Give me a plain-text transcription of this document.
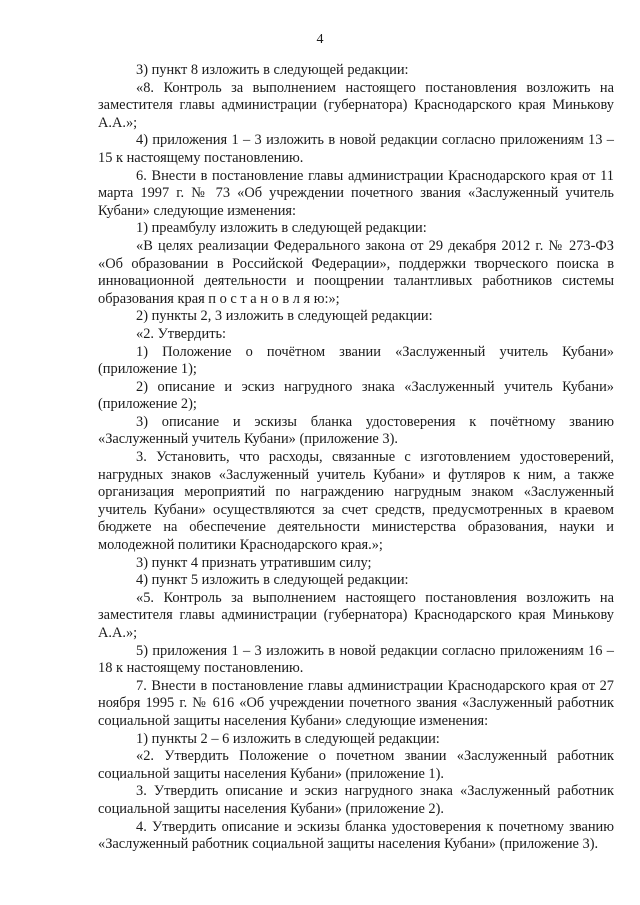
4

3) пункт 8 изложить в следующей редакции:

«8. Контроль за выполнением настоящего постановления возложить на заместителя главы администрации (губернатора) Краснодарского края Минькову А.А.»;

4) приложения 1 – 3 изложить в новой редакции согласно приложениям 13 – 15 к настоящему постановлению.

6. Внести в постановление главы администрации Краснодарского края от 11 марта 1997 г. № 73 «Об учреждении почетного звания «Заслуженный учитель Кубани» следующие изменения:

1) преамбулу изложить в следующей редакции:

«В целях реализации Федерального закона от 29 декабря 2012 г. № 273-ФЗ «Об образовании в Российской Федерации», поддержки творческого поиска в инновационной деятельности и поощрении талантливых работников системы образования края п о с т а н о в л я ю:»;

2) пункты 2, 3 изложить в следующей редакции:

«2. Утвердить:

1) Положение о почётном звании «Заслуженный учитель Кубани» (приложение 1);

2) описание и эскиз нагрудного знака «Заслуженный учитель Кубани» (приложение 2);

3) описание и эскизы бланка удостоверения к почётному званию «Заслуженный учитель Кубани» (приложение 3).

3. Установить, что расходы, связанные с изготовлением удостоверений, нагрудных знаков «Заслуженный учитель Кубани» и футляров к ним, а также организация мероприятий по награждению нагрудным знаком «Заслуженный учитель Кубани» осуществляются за счет средств, предусмотренных в краевом бюджете на обеспечение деятельности министерства образования, науки и молодежной политики Краснодарского края.»;

3) пункт 4 признать утратившим силу;

4) пункт 5 изложить в следующей редакции:

«5. Контроль за выполнением настоящего постановления возложить на заместителя главы администрации (губернатора) Краснодарского края Минькову А.А.»;

5) приложения 1 – 3 изложить в новой редакции согласно приложениям 16 – 18 к настоящему постановлению.

7. Внести в постановление главы администрации Краснодарского края от 27 ноября 1995 г. № 616 «Об учреждении почетного звания «Заслуженный работник социальной защиты населения Кубани» следующие изменения:

1) пункты 2 – 6 изложить в следующей редакции:

«2. Утвердить Положение о почетном звании «Заслуженный работник социальной защиты населения Кубани» (приложение 1).

3. Утвердить описание и эскиз нагрудного знака «Заслуженный работник социальной защиты населения Кубани» (приложение 2).

4. Утвердить описание и эскизы бланка удостоверения к почетному званию «Заслуженный работник социальной защиты населения Кубани» (приложение 3).
